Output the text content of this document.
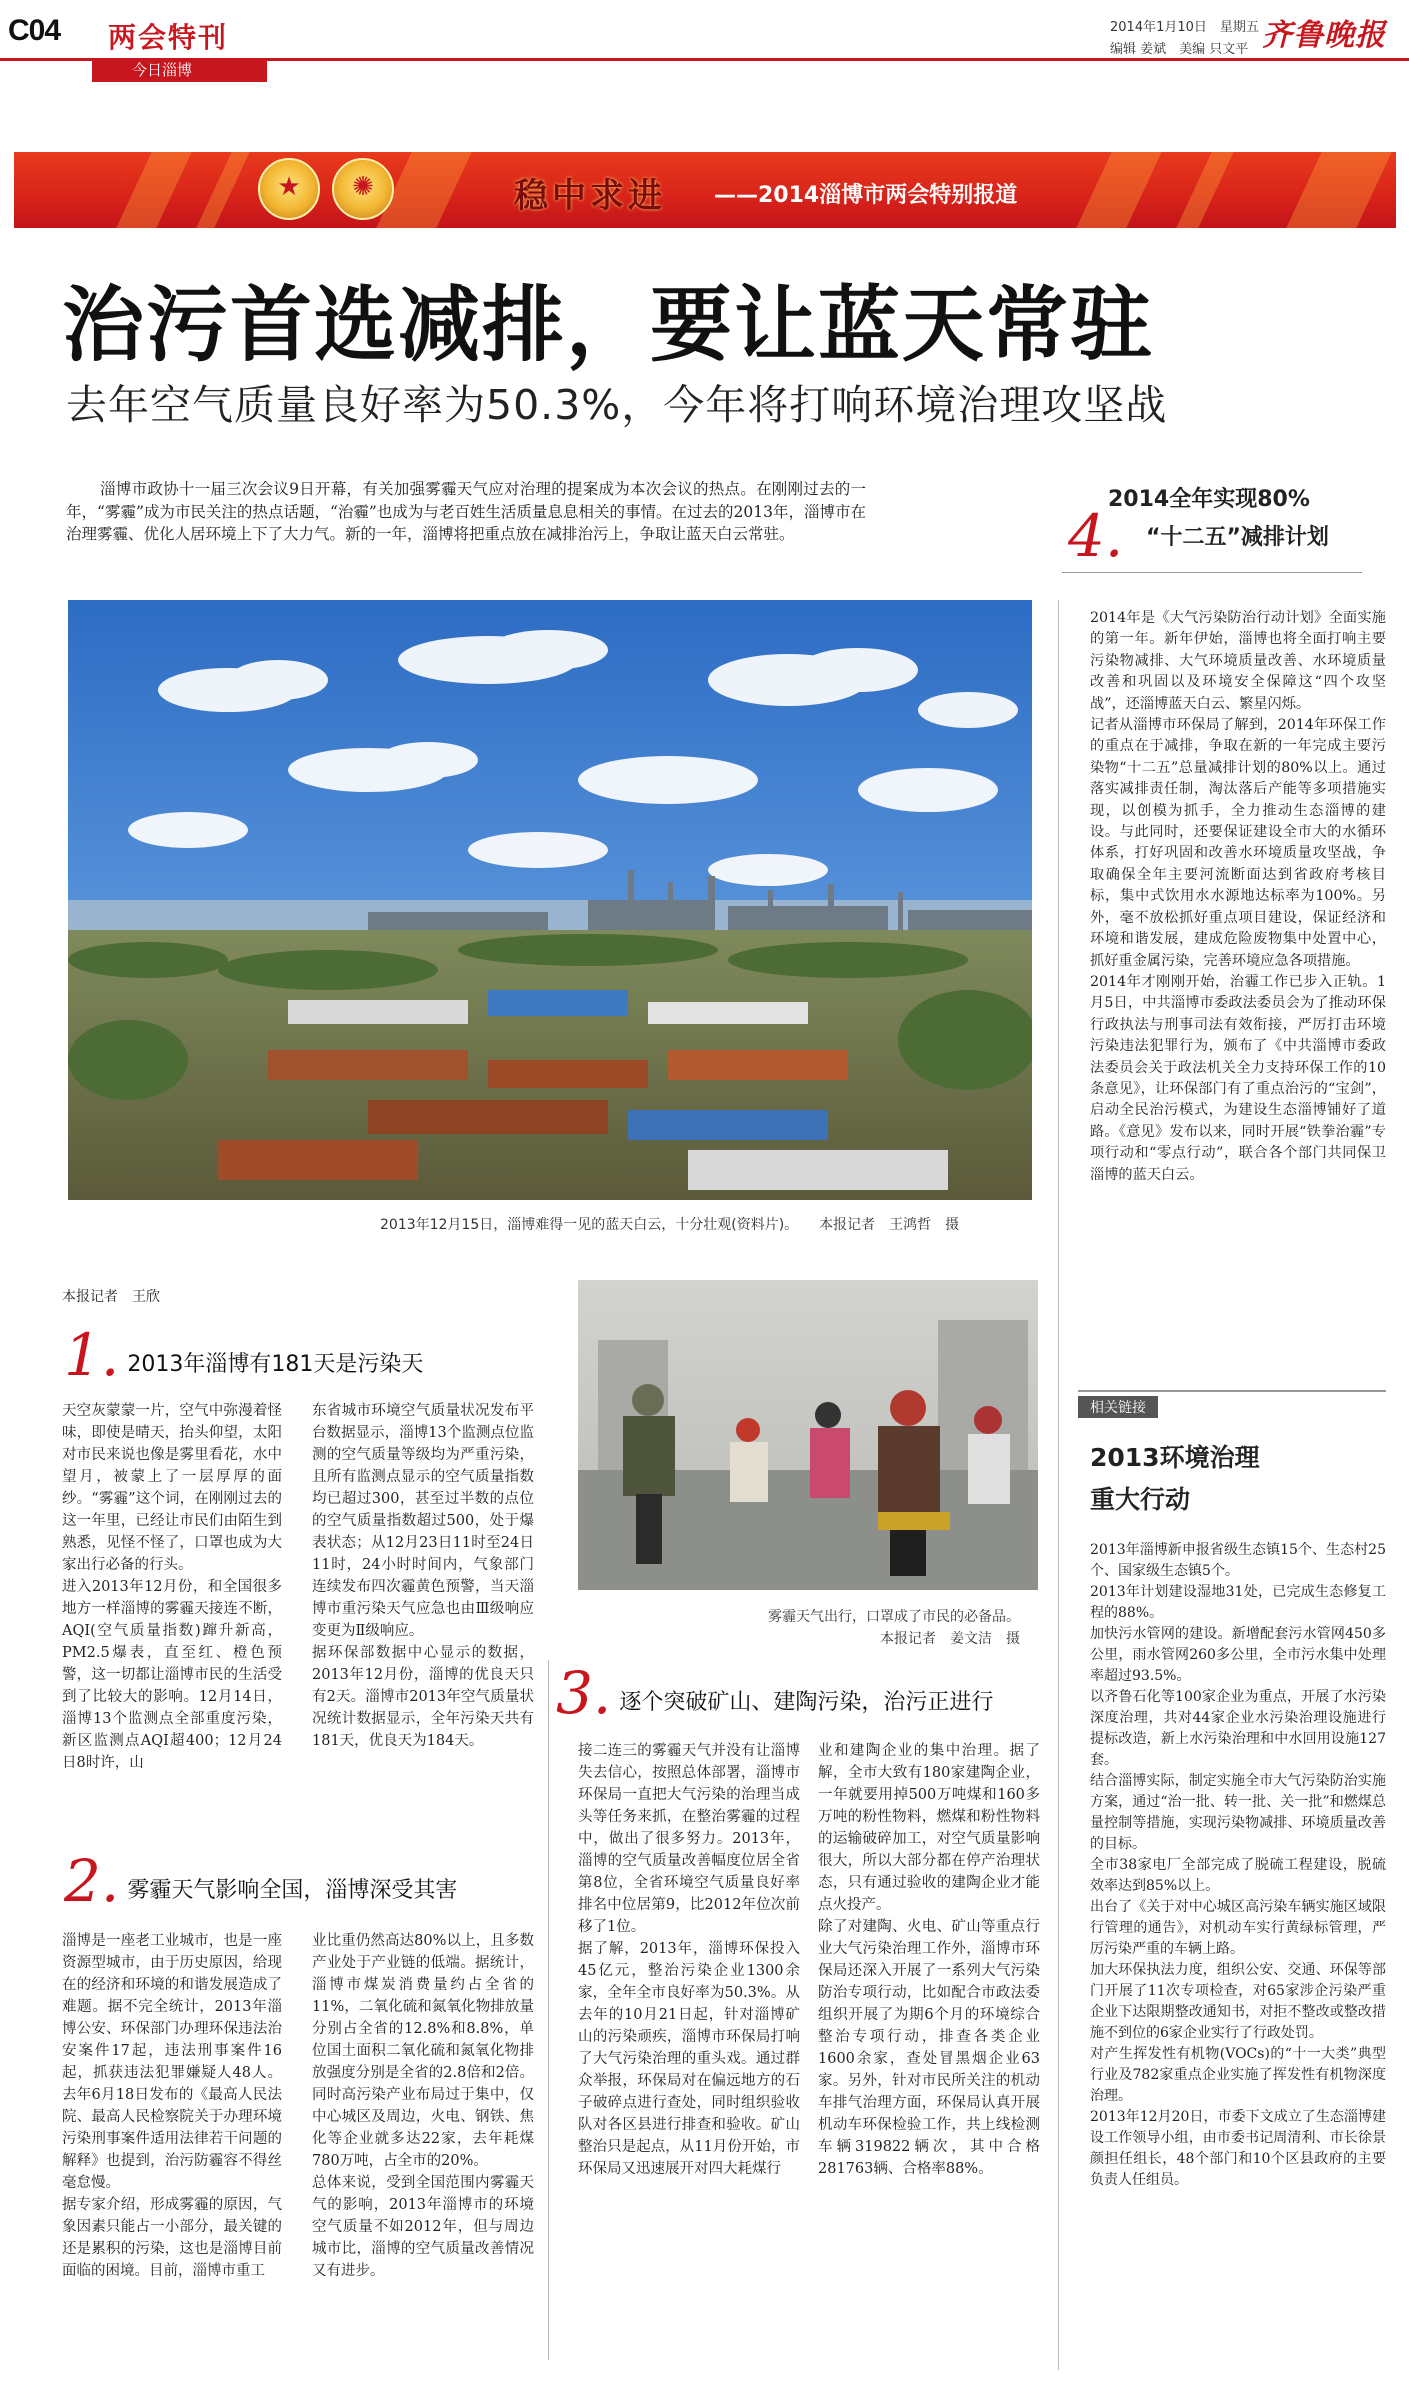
C04 两会特刊
今日淄博
2014年1月10日　星期五
编辑 姜斌　美编 只文平 齐鲁晚报
★	✺	稳中求进 ——2014淄博市两会特别报道
治污首选减排，要让蓝天常驻
去年空气质量良好率为50.3%，今年将打响环境治理攻坚战
淄博市政协十一届三次会议9日开幕，有关加强雾霾天气应对治理的提案成为本次会议的热点。在刚刚过去的一年，“雾霾”成为市民关注的热点话题，“治霾”也成为与老百姓生活质量息息相关的事情。在过去的2013年，淄博市在治理雾霾、优化人居环境上下了大力气。新的一年，淄博将把重点放在减排治污上，争取让蓝天白云常驻。
2013年12月15日，淄博难得一见的蓝天白云，十分壮观(资料片)。　　本报记者　王鸿哲　摄
本报记者　王欣
1. 2013年淄博有181天是污染天
天空灰蒙蒙一片，空气中弥漫着怪味，即使是晴天，抬头仰望，太阳对市民来说也像是雾里看花，水中望月，被蒙上了一层厚厚的面纱。“雾霾”这个词，在刚刚过去的这一年里，已经让市民们由陌生到熟悉，见怪不怪了，口罩也成为大家出行必备的行头。
进入2013年12月份，和全国很多地方一样淄博的雾霾天接连不断，AQI(空气质量指数)蹿升新高，PM2.5爆表，直至红、橙色预警，这一切都让淄博市民的生活受到了比较大的影响。12月14日，淄博13个监测点全部重度污染，新区监测点AQI超400；12月24日8时许，山
东省城市环境空气质量状况发布平台数据显示，淄博13个监测点位监测的空气质量等级均为严重污染，且所有监测点显示的空气质量指数均已超过300，甚至过半数的点位的空气质量指数超过500，处于爆表状态；从12月23日11时至24日11时，24小时时间内，气象部门连续发布四次霾黄色预警，当天淄博市重污染天气应急也由Ⅲ级响应变更为Ⅱ级响应。
据环保部数据中心显示的数据，2013年12月份，淄博的优良天只有2天。淄博市2013年空气质量状况统计数据显示，全年污染天共有181天，优良天为184天。
雾霾天气出行，口罩成了市民的必备品。
本报记者　姜文洁　摄
2. 雾霾天气影响全国，淄博深受其害
淄博是一座老工业城市，也是一座资源型城市，由于历史原因，给现在的经济和环境的和谐发展造成了难题。据不完全统计，2013年淄博公安、环保部门办理环保违法治安案件17起，违法刑事案件16起，抓获违法犯罪嫌疑人48人。去年6月18日发布的《最高人民法院、最高人民检察院关于办理环境污染刑事案件适用法律若干问题的解释》也提到，治污防霾容不得丝毫怠慢。
据专家介绍，形成雾霾的原因，气象因素只能占一小部分，最关键的还是累积的污染，这也是淄博目前面临的困境。目前，淄博市重工
业比重仍然高达80%以上，且多数产业处于产业链的低端。据统计，淄博市煤炭消费量约占全省的11%，二氧化硫和氮氧化物排放量分别占全省的12.8%和8.8%，单位国土面积二氧化硫和氮氧化物排放强度分别是全省的2.8倍和2倍。同时高污染产业布局过于集中，仅中心城区及周边，火电、钢铁、焦化等企业就多达22家，去年耗煤780万吨，占全市的20%。
总体来说，受到全国范围内雾霾天气的影响，2013年淄博市的环境空气质量不如2012年，但与周边城市比，淄博的空气质量改善情况又有进步。
3. 逐个突破矿山、建陶污染，治污正进行
接二连三的雾霾天气并没有让淄博失去信心，按照总体部署，淄博市环保局一直把大气污染的治理当成头等任务来抓，在整治雾霾的过程中，做出了很多努力。2013年，淄博的空气质量改善幅度位居全省第8位，全省环境空气质量良好率排名中位居第9，比2012年位次前移了1位。
据了解，2013年，淄博环保投入45亿元，整治污染企业1300余家，全年全市良好率为50.3%。从去年的10月21日起，针对淄博矿山的污染顽疾，淄博市环保局打响了大气污染治理的重头戏。通过群众举报，环保局对在偏远地方的石子破碎点进行查处，同时组织验收队对各区县进行排查和验收。矿山整治只是起点，从11月份开始，市环保局又迅速展开对四大耗煤行
业和建陶企业的集中治理。据了解，全市大致有180家建陶企业，一年就要用掉500万吨煤和160多万吨的粉性物料，燃煤和粉性物料的运输破碎加工，对空气质量影响很大，所以大部分都在停产治理状态，只有通过验收的建陶企业才能点火投产。
除了对建陶、火电、矿山等重点行业大气污染治理工作外，淄博市环保局还深入开展了一系列大气污染防治专项行动，比如配合市政法委组织开展了为期6个月的环境综合整治专项行动，排查各类企业1600余家，查处冒黑烟企业63家。另外，针对市民所关注的机动车排气治理方面，环保局认真开展机动车环保检验工作，共上线检测车辆319822辆次，其中合格281763辆、合格率88%。
2014全年实现80%
4. “十二五”减排计划
2014年是《大气污染防治行动计划》全面实施的第一年。新年伊始，淄博也将全面打响主要污染物减排、大气环境质量改善、水环境质量改善和巩固以及环境安全保障这“四个攻坚战”，还淄博蓝天白云、繁星闪烁。
记者从淄博市环保局了解到，2014年环保工作的重点在于减排，争取在新的一年完成主要污染物“十二五”总量减排计划的80%以上。通过落实减排责任制，淘汰落后产能等多项措施实现，以创模为抓手，全力推动生态淄博的建设。与此同时，还要保证建设全市大的水循环体系，打好巩固和改善水环境质量攻坚战，争取确保全年主要河流断面达到省政府考核目标，集中式饮用水水源地达标率为100%。另外，毫不放松抓好重点项目建设，保证经济和环境和谐发展，建成危险废物集中处置中心，抓好重金属污染，完善环境应急各项措施。
2014年才刚刚开始，治霾工作已步入正轨。1月5日，中共淄博市委政法委员会为了推动环保行政执法与刑事司法有效衔接，严厉打击环境污染违法犯罪行为，颁布了《中共淄博市委政法委员会关于政法机关全力支持环保工作的10条意见》，让环保部门有了重点治污的“宝剑”，启动全民治污模式，为建设生态淄博铺好了道路。《意见》发布以来，同时开展“铁拳治霾”专项行动和“零点行动”，联合各个部门共同保卫淄博的蓝天白云。
相关链接
2013环境治理
重大行动
2013年淄博新申报省级生态镇15个、生态村25个、国家级生态镇5个。
2013年计划建设湿地31处，已完成生态修复工程的88%。
加快污水管网的建设。新增配套污水管网450多公里，雨水管网260多公里，全市污水集中处理率超过93.5%。
以齐鲁石化等100家企业为重点，开展了水污染深度治理，共对44家企业水污染治理设施进行提标改造，新上水污染治理和中水回用设施127套。
结合淄博实际，制定实施全市大气污染防治实施方案，通过“治一批、转一批、关一批”和燃煤总量控制等措施，实现污染物减排、环境质量改善的目标。
全市38家电厂全部完成了脱硫工程建设，脱硫效率达到85%以上。
出台了《关于对中心城区高污染车辆实施区域限行管理的通告》，对机动车实行黄绿标管理，严厉污染严重的车辆上路。
加大环保执法力度，组织公安、交通、环保等部门开展了11次专项检查，对65家涉企污染严重企业下达限期整改通知书，对拒不整改或整改措施不到位的6家企业实行了行政处罚。
对产生挥发性有机物(VOCs)的“十一大类”典型行业及782家重点企业实施了挥发性有机物深度治理。
2013年12月20日，市委下文成立了生态淄博建设工作领导小组，由市委书记周清利、市长徐景颜担任组长，48个部门和10个区县政府的主要负责人任组员。
